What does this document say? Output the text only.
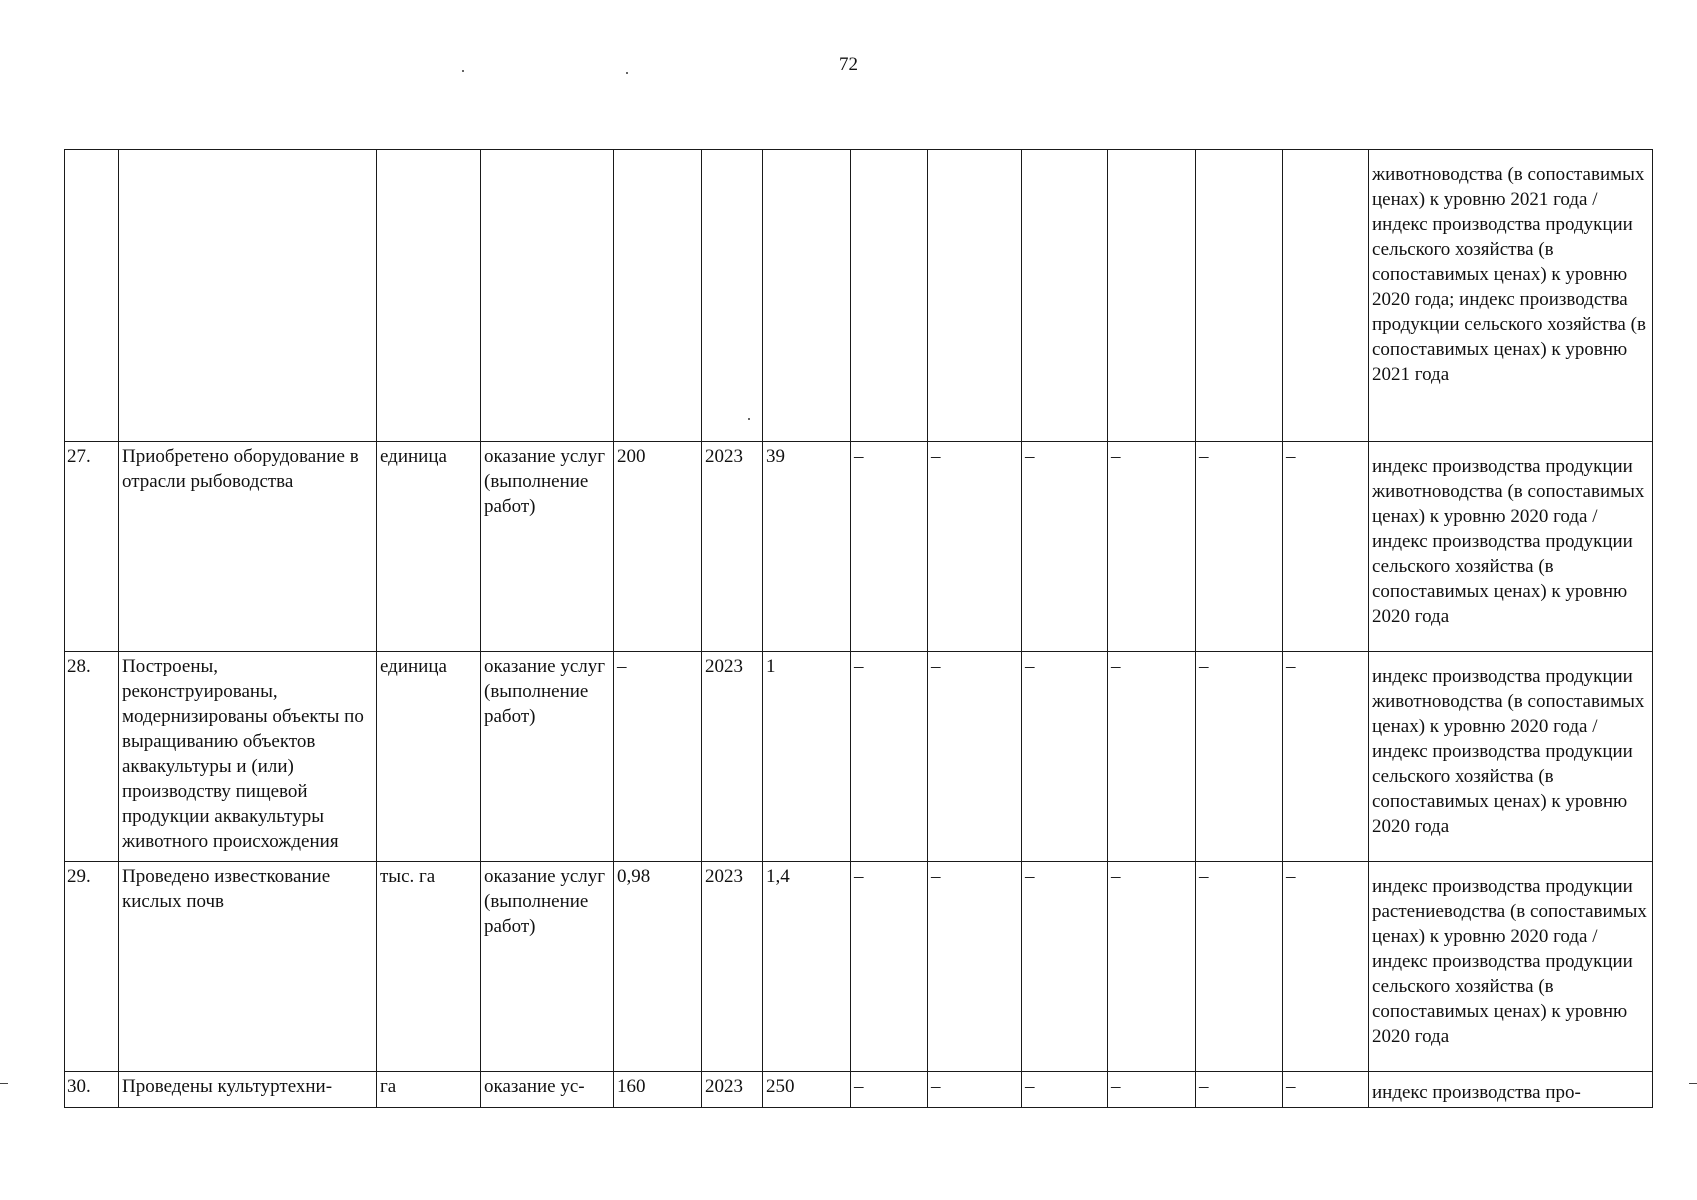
72

													животноводства (в сопоставимых ценах) к уровню 2021 года / индекс производства продукции сельского хозяйства (в сопоставимых ценах) к уровню 2020 года; индекс производства продукции сельского хозяйства (в сопоставимых ценах) к уровню 2021 года

27.	Приобретено оборудование в отрасли рыбоводства	единица	оказание услуг (выполнение работ)	200	2023	39	–	–	–	–	–	–	индекс производства продукции животноводства (в сопоставимых ценах) к уровню 2020 года / индекс производства продукции сельского хозяйства (в сопоставимых ценах) к уровню 2020 года

28.	Построены, реконструированы, модернизированы объекты по выращиванию объектов аквакультуры и (или) производству пищевой продукции аквакультуры животного происхождения	единица	оказание услуг (выполнение работ)	–	2023	1	–	–	–	–	–	–	индекс производства продукции животноводства (в сопоставимых ценах) к уровню 2020 года / индекс производства продукции сельского хозяйства (в сопоставимых ценах) к уровню 2020 года

29.	Проведено известкование кислых почв	тыс. га	оказание услуг (выполнение работ)	0,98	2023	1,4	–	–	–	–	–	–	индекс производства продукции растениеводства (в сопоставимых ценах) к уровню 2020 года / индекс производства продукции сельского хозяйства (в сопоставимых ценах) к уровню 2020 года

30.	Проведены культуртехни-	га	оказание ус-	160	2023	250	–	–	–	–	–	–	индекс производства про-
